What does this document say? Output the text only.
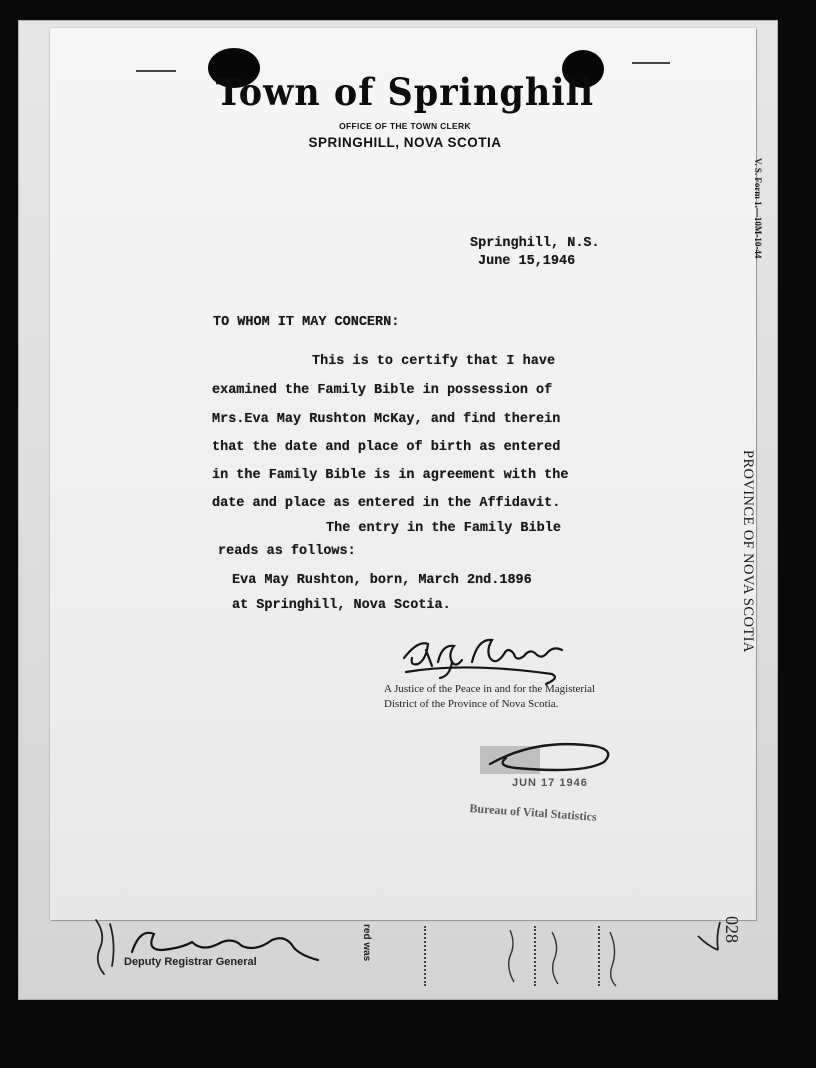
Town of Springhill
OFFICE OF THE TOWN CLERK
SPRINGHILL, NOVA SCOTIA
Springhill, N.S.
June 15,1946
TO WHOM IT MAY CONCERN:
This is to certify that I have
examined the Family Bible in possession of
Mrs.Eva May Rushton McKay, and find therein
that the date and place of birth as entered
in the Family Bible is in agreement with the
date and place as entered in the Affidavit.
The entry in the Family Bible
reads as follows:
Eva May Rushton, born, March 2nd.1896
at Springhill, Nova Scotia.
A Justice of the Peace in and for the Magisterial
District of the Province of Nova Scotia.
JUN 17 1946
Bureau of Vital Statistics
V. S. Form 1.—10M-10-44
PROVINCE OF NOVA SCOTIA
Deputy Registrar General
red was	028
